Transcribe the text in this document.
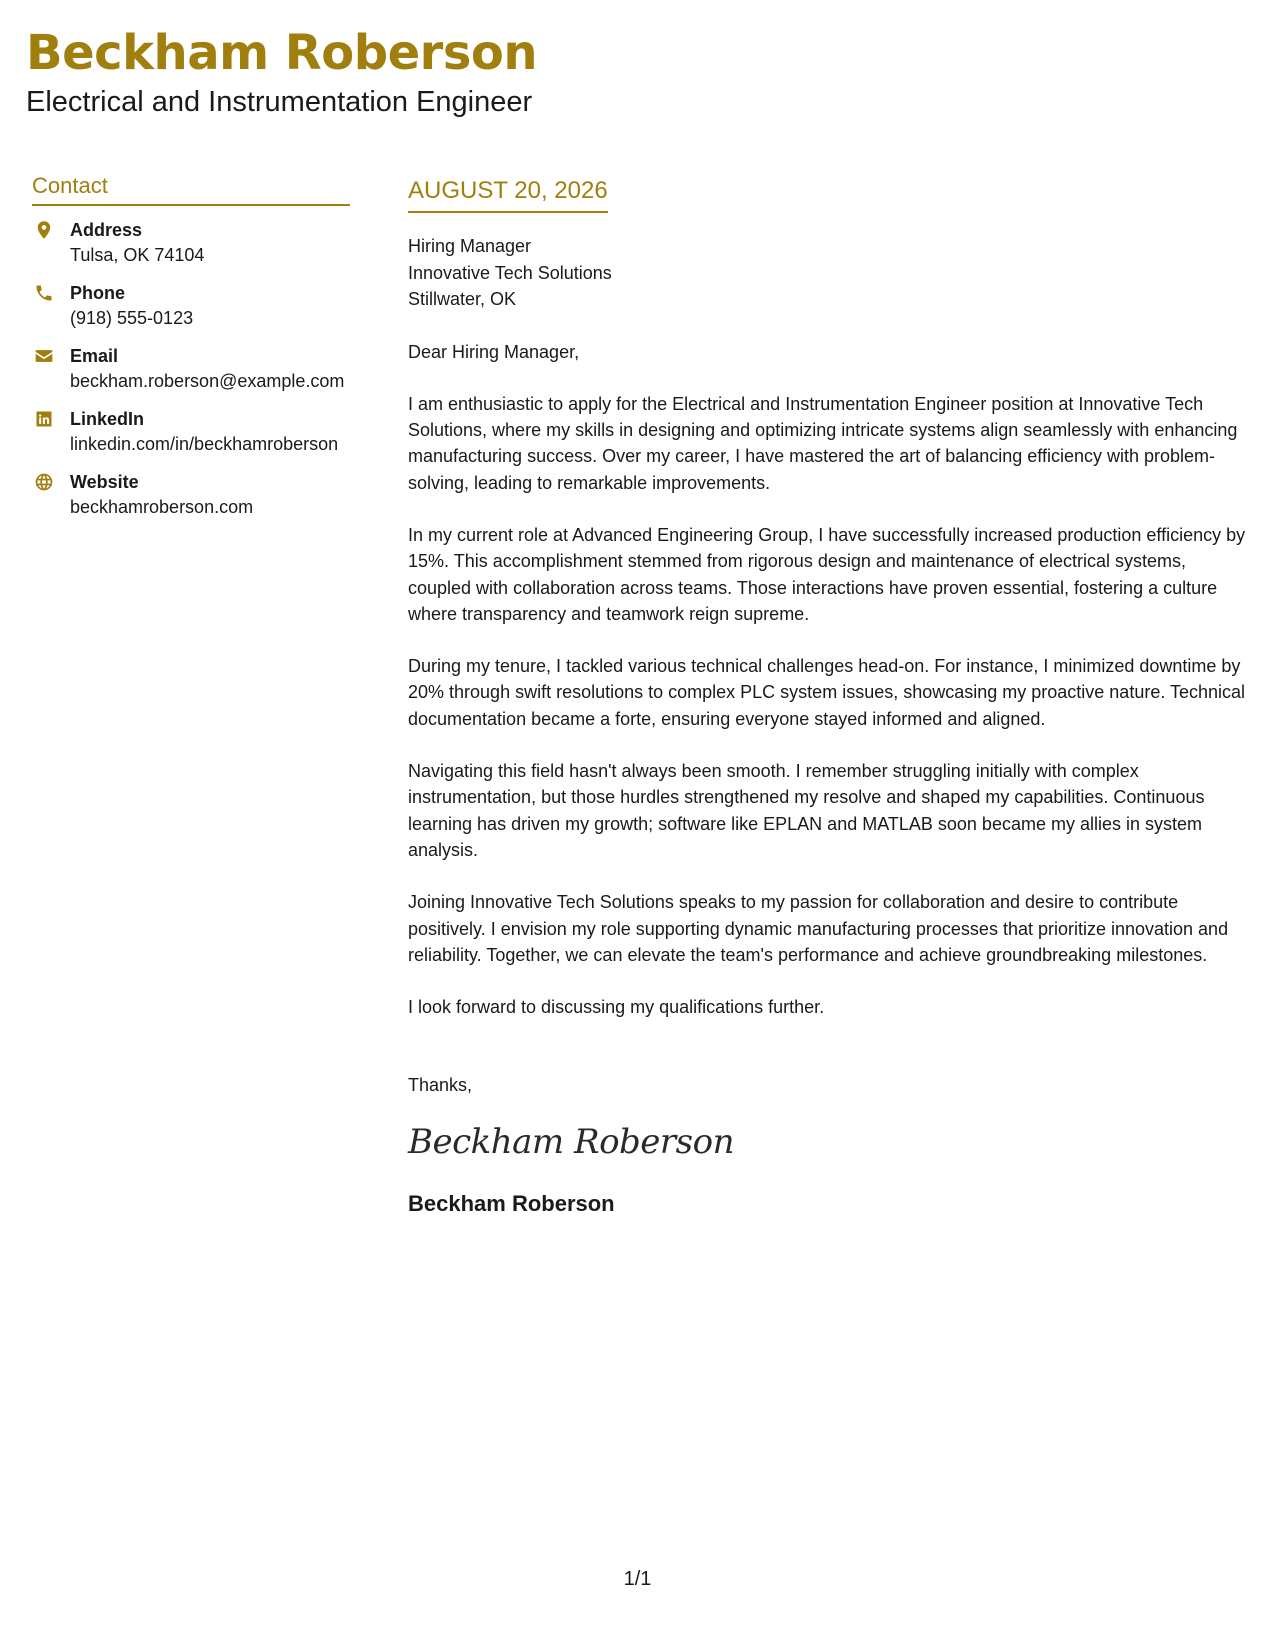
Beckham Roberson
Electrical and Instrumentation Engineer
Contact
Address
Tulsa, OK 74104
Phone
(918) 555-0123
Email
beckham.roberson@example.com
LinkedIn
linkedin.com/in/beckhamroberson
Website
beckhamroberson.com
AUGUST 20, 2026
Hiring Manager
Innovative Tech Solutions
Stillwater, OK

Dear Hiring Manager,

I am enthusiastic to apply for the Electrical and Instrumentation Engineer position at Innovative Tech Solutions, where my skills in designing and optimizing intricate systems align seamlessly with enhancing manufacturing success. Over my career, I have mastered the art of balancing efficiency with problem-solving, leading to remarkable improvements.

In my current role at Advanced Engineering Group, I have successfully increased production efficiency by 15%. This accomplishment stemmed from rigorous design and maintenance of electrical systems, coupled with collaboration across teams. Those interactions have proven essential, fostering a culture where transparency and teamwork reign supreme.

During my tenure, I tackled various technical challenges head-on. For instance, I minimized downtime by 20% through swift resolutions to complex PLC system issues, showcasing my proactive nature. Technical documentation became a forte, ensuring everyone stayed informed and aligned.

Navigating this field hasn't always been smooth. I remember struggling initially with complex instrumentation, but those hurdles strengthened my resolve and shaped my capabilities. Continuous learning has driven my growth; software like EPLAN and MATLAB soon became my allies in system analysis.

Joining Innovative Tech Solutions speaks to my passion for collaboration and desire to contribute positively. I envision my role supporting dynamic manufacturing processes that prioritize innovation and reliability. Together, we can elevate the team's performance and achieve groundbreaking milestones.

I look forward to discussing my qualifications further.

Thanks,

Beckham Roberson
Beckham Roberson
1/1
